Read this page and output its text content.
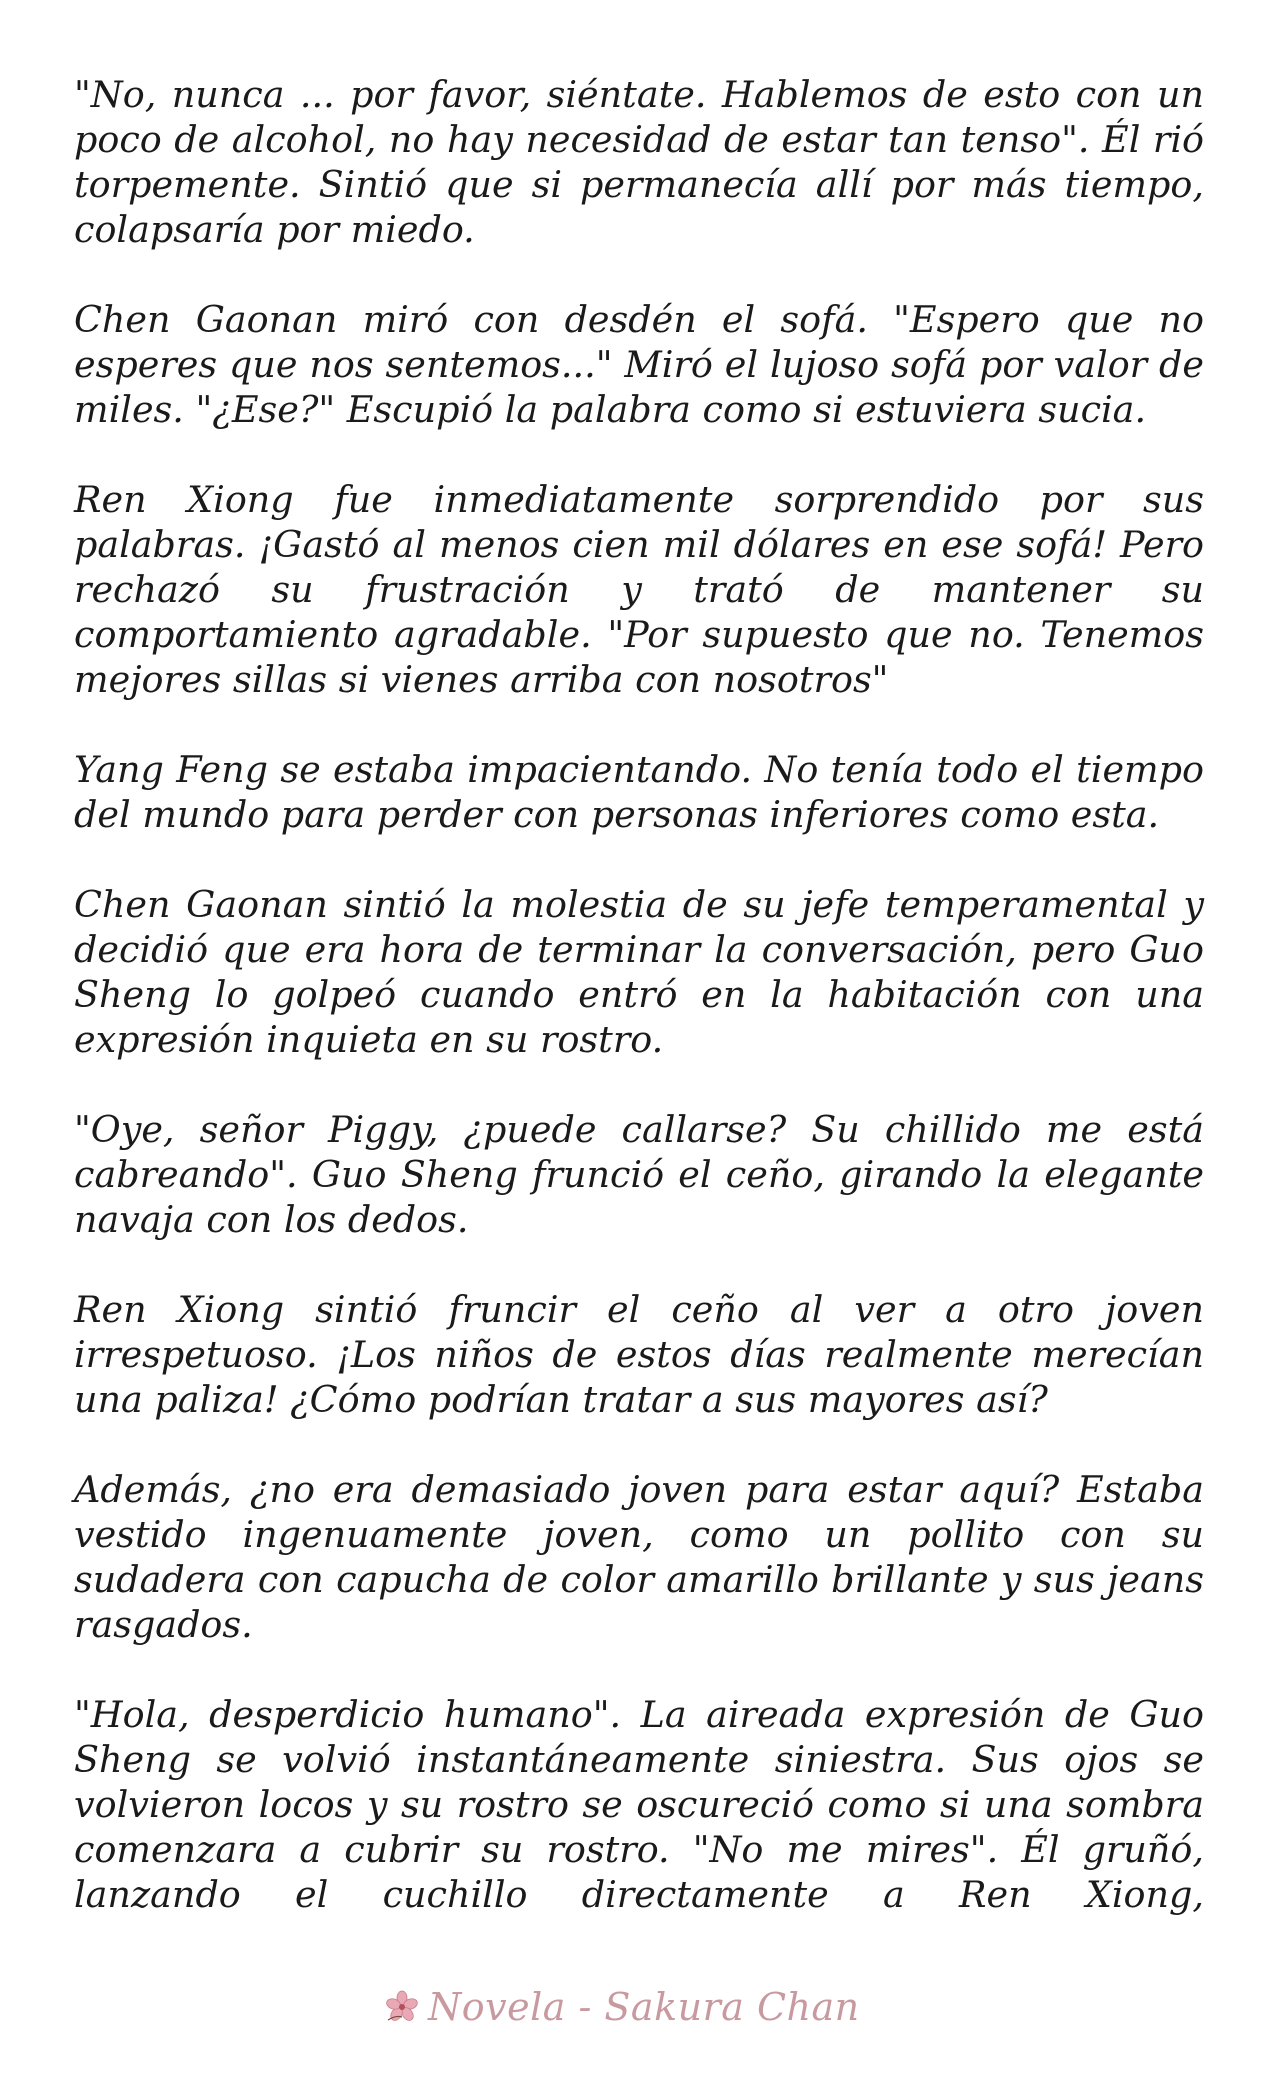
"No, nunca ... por favor, siéntate. Hablemos de esto con un poco de alcohol, no hay necesidad de estar tan tenso". Él rió torpemente. Sintió que si permanecía allí por más tiempo, colapsaría por miedo.

Chen Gaonan miró con desdén el sofá. "Espero que no esperes que nos sentemos..." Miró el lujoso sofá por valor de miles. "¿Ese?" Escupió la palabra como si estuviera sucia.

Ren Xiong fue inmediatamente sorprendido por sus palabras. ¡Gastó al menos cien mil dólares en ese sofá! Pero rechazó su frustración y trató de mantener su comportamiento agradable. "Por supuesto que no. Tenemos mejores sillas si vienes arriba con nosotros"

Yang Feng se estaba impacientando. No tenía todo el tiempo del mundo para perder con personas inferiores como esta.

Chen Gaonan sintió la molestia de su jefe temperamental y decidió que era hora de terminar la conversación, pero Guo Sheng lo golpeó cuando entró en la habitación con una expresión inquieta en su rostro.

"Oye, señor Piggy, ¿puede callarse? Su chillido me está cabreando". Guo Sheng frunció el ceño, girando la elegante navaja con los dedos.

Ren Xiong sintió fruncir el ceño al ver a otro joven irrespetuoso. ¡Los niños de estos días realmente merecían una paliza! ¿Cómo podrían tratar a sus mayores así?

Además, ¿no era demasiado joven para estar aquí? Estaba vestido ingenuamente joven, como un pollito con su sudadera con capucha de color amarillo brillante y sus jeans rasgados.

"Hola, desperdicio humano". La aireada expresión de Guo Sheng se volvió instantáneamente siniestra. Sus ojos se volvieron locos y su rostro se oscureció como si una sombra comenzara a cubrir su rostro. "No me mires". Él gruñó, lanzando el cuchillo directamente a Ren Xiong,

Novela - Sakura Chan
